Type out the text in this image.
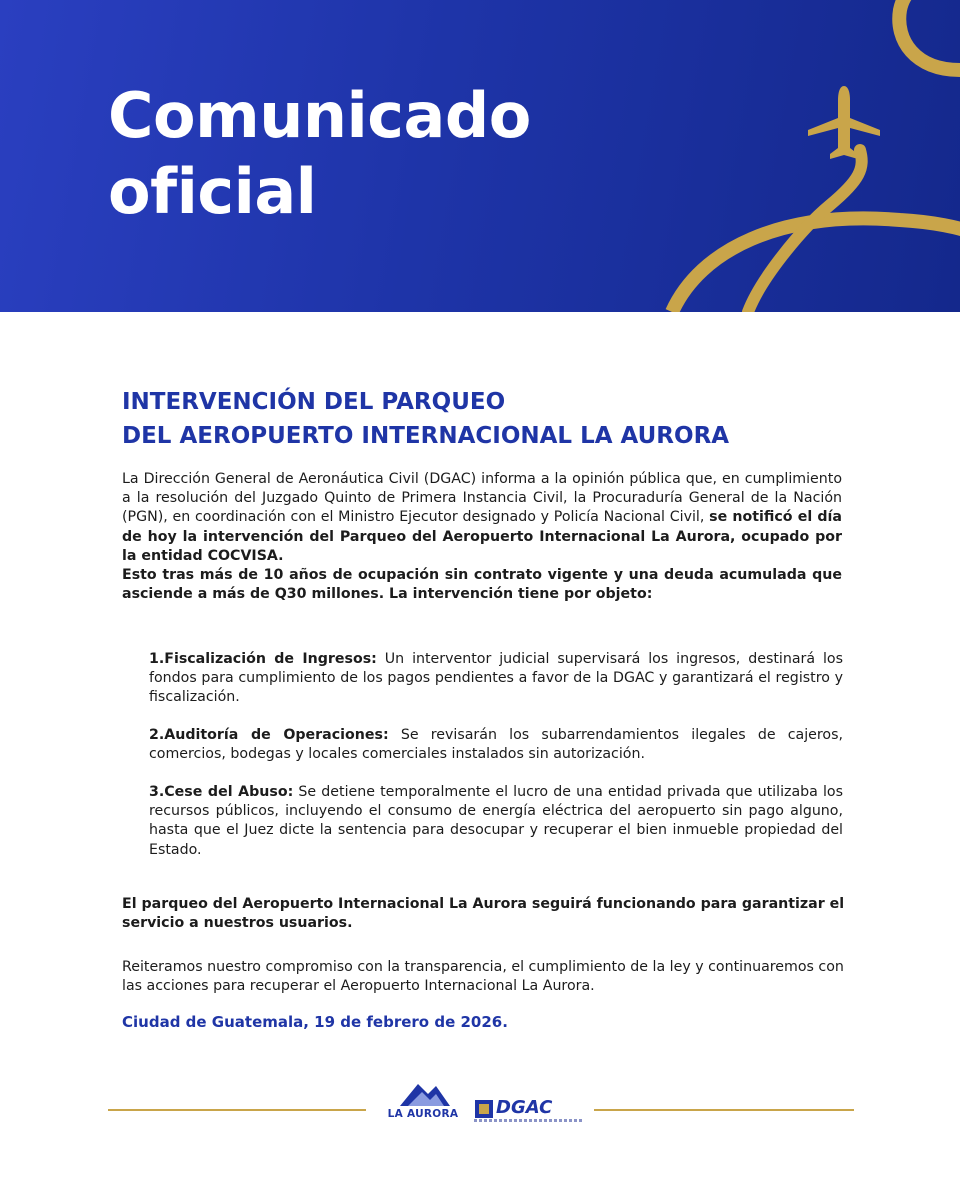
Comunicado
oficial
INTERVENCIÓN DEL PARQUEO
DEL AEROPUERTO INTERNACIONAL LA AURORA
La Dirección General de Aeronáutica Civil (DGAC) informa a la opinión pública que, en cumplimiento a la resolución del Juzgado Quinto de Primera Instancia Civil, la Procuraduría General de la Nación (PGN), en coordinación con el Ministro Ejecutor designado y Policía Nacional Civil, se notificó el día de hoy la intervención del Parqueo del Aeropuerto Internacional La Aurora, ocupado por la entidad COCVISA.
Esto tras más de 10 años de ocupación sin contrato vigente y una deuda acumulada que asciende a más de Q30 millones. La intervención tiene por objeto:
1.Fiscalización de Ingresos: Un interventor judicial supervisará los ingresos, destinará los fondos para cumplimiento de los pagos pendientes a favor de la DGAC y garantizará el registro y fiscalización.
2.Auditoría de Operaciones: Se revisarán los subarrendamientos ilegales de cajeros, comercios, bodegas y locales comerciales instalados sin autorización.
3.Cese del Abuso: Se detiene temporalmente el lucro de una entidad privada que utilizaba los recursos públicos, incluyendo el consumo de energía eléctrica del aeropuerto sin pago alguno, hasta que el Juez dicte la sentencia para desocupar y recuperar el bien inmueble propiedad del Estado.
El parqueo del Aeropuerto Internacional La Aurora seguirá funcionando para garantizar el servicio a nuestros usuarios.
Reiteramos nuestro compromiso con la transparencia, el cumplimiento de la ley y continuaremos con las acciones para recuperar el Aeropuerto Internacional La Aurora.
Ciudad de Guatemala, 19 de febrero de 2026.
LA AURORA	DGAC
